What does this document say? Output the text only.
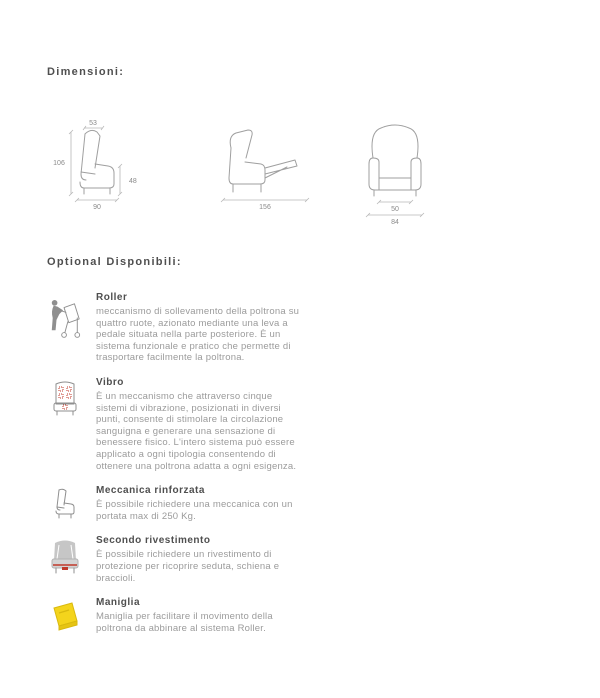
Dimensioni:
53
106
48
90	156	50
84
Optional Disponibili:
Roller
meccanismo di sollevamento della poltrona su quattro ruote, azionato mediante una leva a pedale situata nella parte posteriore. È un sistema funzionale e pratico che permette di trasportare facilmente la poltrona.
Vibro
È un meccanismo che attraverso cinque sistemi di vibrazione, posizionati in diversi punti, consente di stimolare la circolazione sanguigna e generare una sensazione di benessere fisico. L'intero sistema può essere applicato a ogni tipologia consentendo di ottenere una poltrona adatta a ogni esigenza.
Meccanica rinforzata
È possibile richiedere una meccanica con un portata max di 250 Kg.
Secondo rivestimento
È possibile richiedere un rivestimento di protezione per ricoprire seduta, schiena e braccioli.
Maniglia
Maniglia per facilitare il movimento della poltrona da abbinare al sistema Roller.
